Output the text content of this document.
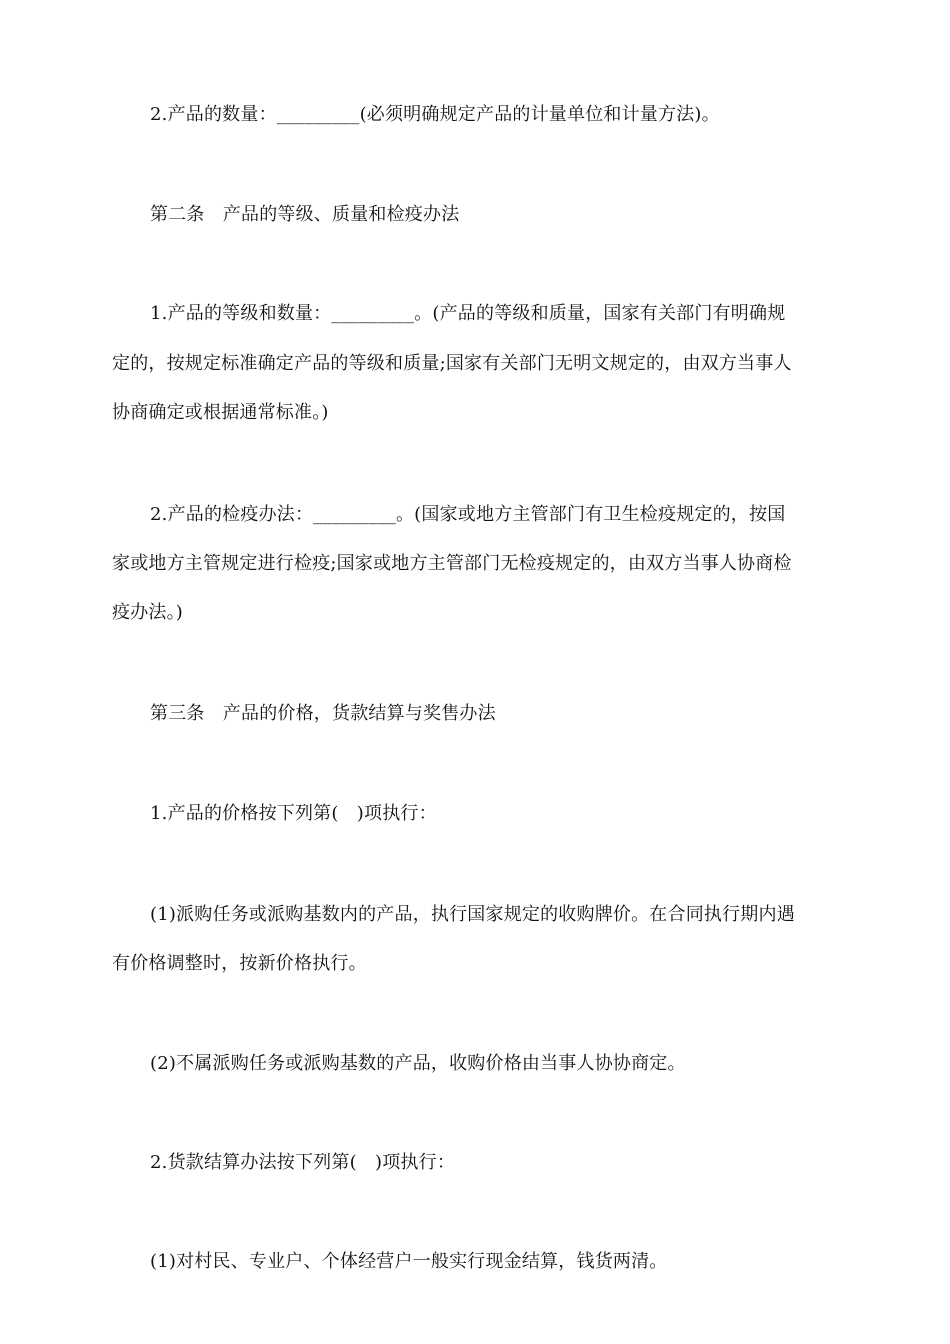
2.产品的数量：_________(必须明确规定产品的计量单位和计量方法)。
第二条　产品的等级、质量和检疫办法
1.产品的等级和数量：_________。(产品的等级和质量，国家有关部门有明确规
定的，按规定标准确定产品的等级和质量;国家有关部门无明文规定的，由双方当事人
协商确定或根据通常标准。)
2.产品的检疫办法：_________。(国家或地方主管部门有卫生检疫规定的，按国
家或地方主管规定进行检疫;国家或地方主管部门无检疫规定的，由双方当事人协商检
疫办法。)
第三条　产品的价格，货款结算与奖售办法
1.产品的价格按下列第(　)项执行：
(1)派购任务或派购基数内的产品，执行国家规定的收购牌价。在合同执行期内遇
有价格调整时，按新价格执行。
(2)不属派购任务或派购基数的产品，收购价格由当事人协协商定。
2.货款结算办法按下列第(　)项执行：
(1)对村民、专业户、个体经营户一般实行现金结算，钱货两清。
